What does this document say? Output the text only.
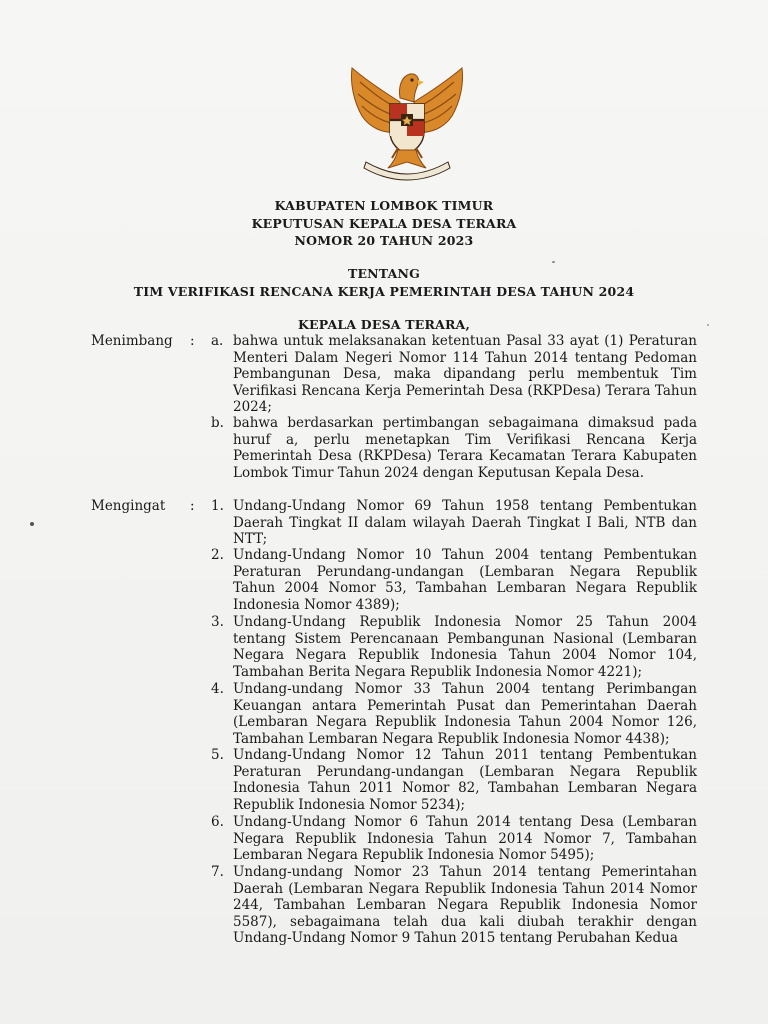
KABUPATEN LOMBOK TIMUR
KEPUTUSAN KEPALA DESA TERARA
NOMOR 20 TAHUN 2023
TENTANG
TIM VERIFIKASI RENCANA KERJA PEMERINTAH DESA TAHUN 2024
KEPALA DESA TERARA,
Menimbang : a. bahwa untuk melaksanakan ketentuan Pasal 33 ayat (1) Peraturan Menteri Dalam Negeri Nomor 114 Tahun 2014 tentang Pedoman Pembangunan Desa, maka dipandang perlu membentuk Tim Verifikasi Rencana Kerja Pemerintah Desa (RKPDesa) Terara Tahun 2024;
b. bahwa berdasarkan pertimbangan sebagaimana dimaksud pada huruf a, perlu menetapkan Tim Verifikasi Rencana Kerja Pemerintah Desa (RKPDesa) Terara Kecamatan Terara Kabupaten Lombok Timur Tahun 2024 dengan Keputusan Kepala Desa.
Mengingat : 1. Undang-Undang Nomor 69 Tahun 1958 tentang Pembentukan Daerah Tingkat II dalam wilayah Daerah Tingkat I Bali, NTB dan NTT;
2. Undang-Undang Nomor 10 Tahun 2004 tentang Pembentukan Peraturan Perundang-undangan (Lembaran Negara Republik Tahun 2004 Nomor 53, Tambahan Lembaran Negara Republik Indonesia Nomor 4389);
3. Undang-Undang Republik Indonesia Nomor 25 Tahun 2004 tentang Sistem Perencanaan Pembangunan Nasional (Lembaran Negara Negara Republik Indonesia Tahun 2004 Nomor 104, Tambahan Berita Negara Republik Indonesia Nomor 4221);
4. Undang-undang Nomor 33 Tahun 2004 tentang Perimbangan Keuangan antara Pemerintah Pusat dan Pemerintahan Daerah (Lembaran Negara Republik Indonesia Tahun 2004 Nomor 126, Tambahan Lembaran Negara Republik Indonesia Nomor 4438);
5. Undang-Undang Nomor 12 Tahun 2011 tentang Pembentukan Peraturan Perundang-undangan (Lembaran Negara Republik Indonesia Tahun 2011 Nomor 82, Tambahan Lembaran Negara Republik Indonesia Nomor 5234);
6. Undang-Undang Nomor 6 Tahun 2014 tentang Desa (Lembaran Negara Republik Indonesia Tahun 2014 Nomor 7, Tambahan Lembaran Negara Republik Indonesia Nomor 5495);
7. Undang-undang Nomor 23 Tahun 2014 tentang Pemerintahan Daerah (Lembaran Negara Republik Indonesia Tahun 2014 Nomor 244, Tambahan Lembaran Negara Republik Indonesia Nomor 5587), sebagaimana telah dua kali diubah terakhir dengan Undang-Undang Nomor 9 Tahun 2015 tentang Perubahan Kedua
